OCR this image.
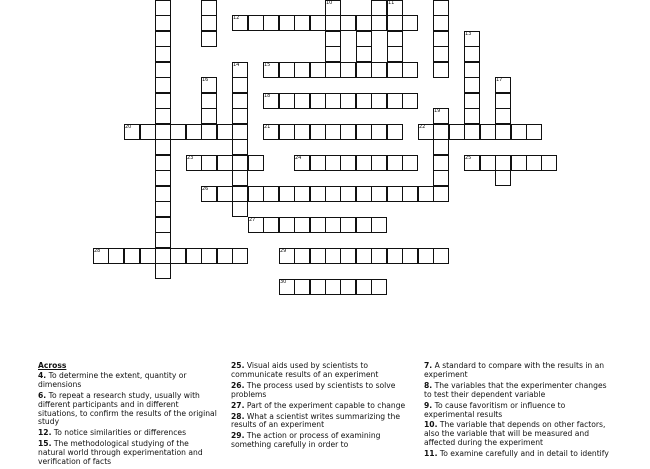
12
10	11
13
14	15
16	17
18
19
20	21	22
23	24	25
26
27
28	29
30
Across
4. To determine the extent, quantity or dimensions
6. To repeat a research study, usually with different participants and in different situations, to confirm the results of the original study
12. To notice similarities or differences
15. The methodological studying of the natural world through experimentation and verification of facts
25. Visual aids used by scientists to communicate results of an experiment
26. The process used by scientists to solve problems
27. Part of the experiment capable to change
28. What a scientist writes summarizing the results of an experiment
29. The action or process of examining something carefully in order to
7. A standard to compare with the results in an experiment
8. The variables that the experimenter changes to test their dependent variable
9. To cause favoritism or influence to experimental results
10. The variable that depends on other factors, also the variable that will be measured and affected during the experiment
11. To examine carefully and in detail to identify
